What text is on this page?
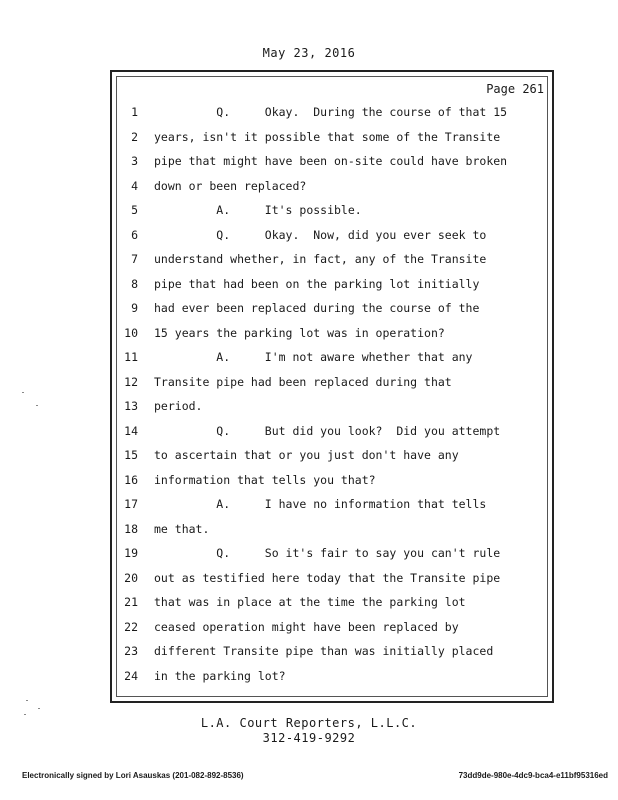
May 23, 2016
Page 261
1 Q.     Okay.  During the course of that 15
2 years, isn't it possible that some of the Transite
3 pipe that might have been on-site could have broken
4 down or been replaced?
5 A.     It's possible.
6 Q.     Okay.  Now, did you ever seek to
7 understand whether, in fact, any of the Transite
8 pipe that had been on the parking lot initially
9 had ever been replaced during the course of the
10 15 years the parking lot was in operation?
11 A.     I'm not aware whether that any
12 Transite pipe had been replaced during that
13 period.
14 Q.     But did you look?  Did you attempt
15 to ascertain that or you just don't have any
16 information that tells you that?
17 A.     I have no information that tells
18 me that.
19 Q.     So it's fair to say you can't rule
20 out as testified here today that the Transite pipe
21 that was in place at the time the parking lot
22 ceased operation might have been replaced by
23 different Transite pipe than was initially placed
24 in the parking lot?
L.A. Court Reporters, L.L.C.
312-419-9292
Electronically signed by Lori Asauskas (201-082-892-8536)	73dd9de-980e-4dc9-bca4-e11bf95316ed
